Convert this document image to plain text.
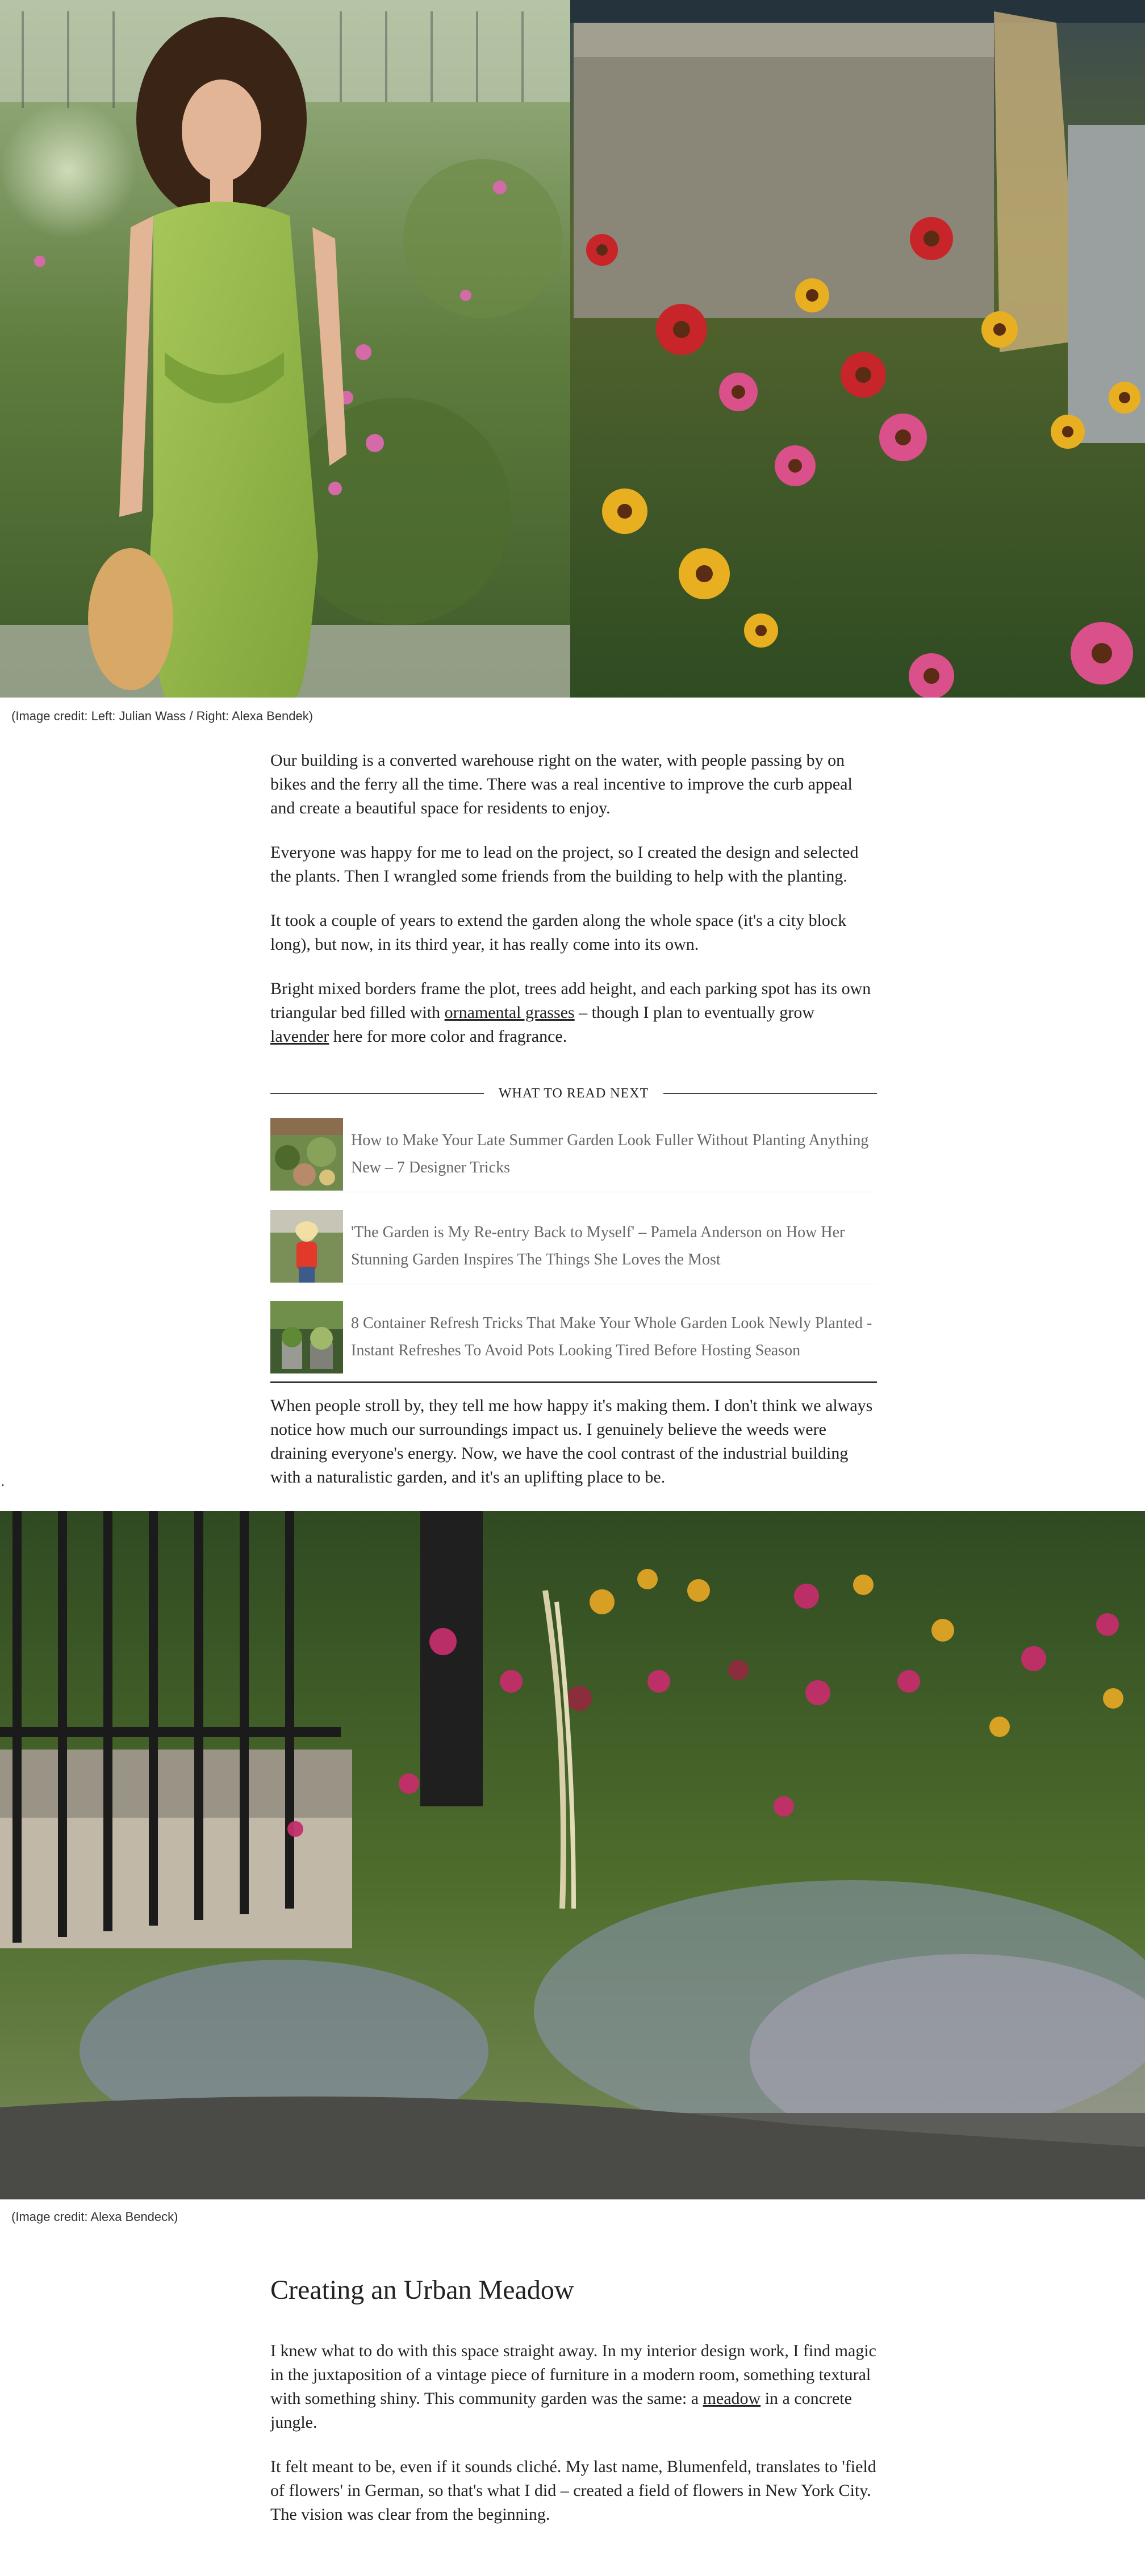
(Image credit: Left: Julian Wass / Right: Alexa Bendek)

Our building is a converted warehouse right on the water, with people passing by on bikes and the ferry all the time. There was a real incentive to improve the curb appeal and create a beautiful space for residents to enjoy.

Everyone was happy for me to lead on the project, so I created the design and selected the plants. Then I wrangled some friends from the building to help with the planting.

It took a couple of years to extend the garden along the whole space (it's a city block long), but now, in its third year, it has really come into its own.

Bright mixed borders frame the plot, trees add height, and each parking spot has its own triangular bed filled with ornamental grasses – though I plan to eventually grow lavender here for more color and fragrance.

WHAT TO READ NEXT
How to Make Your Late Summer Garden Look Fuller Without Planting Anything New – 7 Designer Tricks
'The Garden is My Re-entry Back to Myself' – Pamela Anderson on How Her Stunning Garden Inspires The Things She Loves the Most
8 Container Refresh Tricks That Make Your Whole Garden Look Newly Planted - Instant Refreshes To Avoid Pots Looking Tired Before Hosting Season

When people stroll by, they tell me how happy it's making them. I don't think we always notice how much our surroundings impact us. I genuinely believe the weeds were draining everyone's energy. Now, we have the cool contrast of the industrial building with a naturalistic garden, and it's an uplifting place to be.

.
(Image credit: Alexa Bendeck)
Creating an Urban Meadow

I knew what to do with this space straight away. In my interior design work, I find magic in the juxtaposition of a vintage piece of furniture in a modern room, something textural with something shiny. This community garden was the same: a meadow in a concrete jungle.

It felt meant to be, even if it sounds cliché. My last name, Blumenfeld, translates to 'field of flowers' in German, so that's what I did – created a field of flowers in New York City. The vision was clear from the beginning.
